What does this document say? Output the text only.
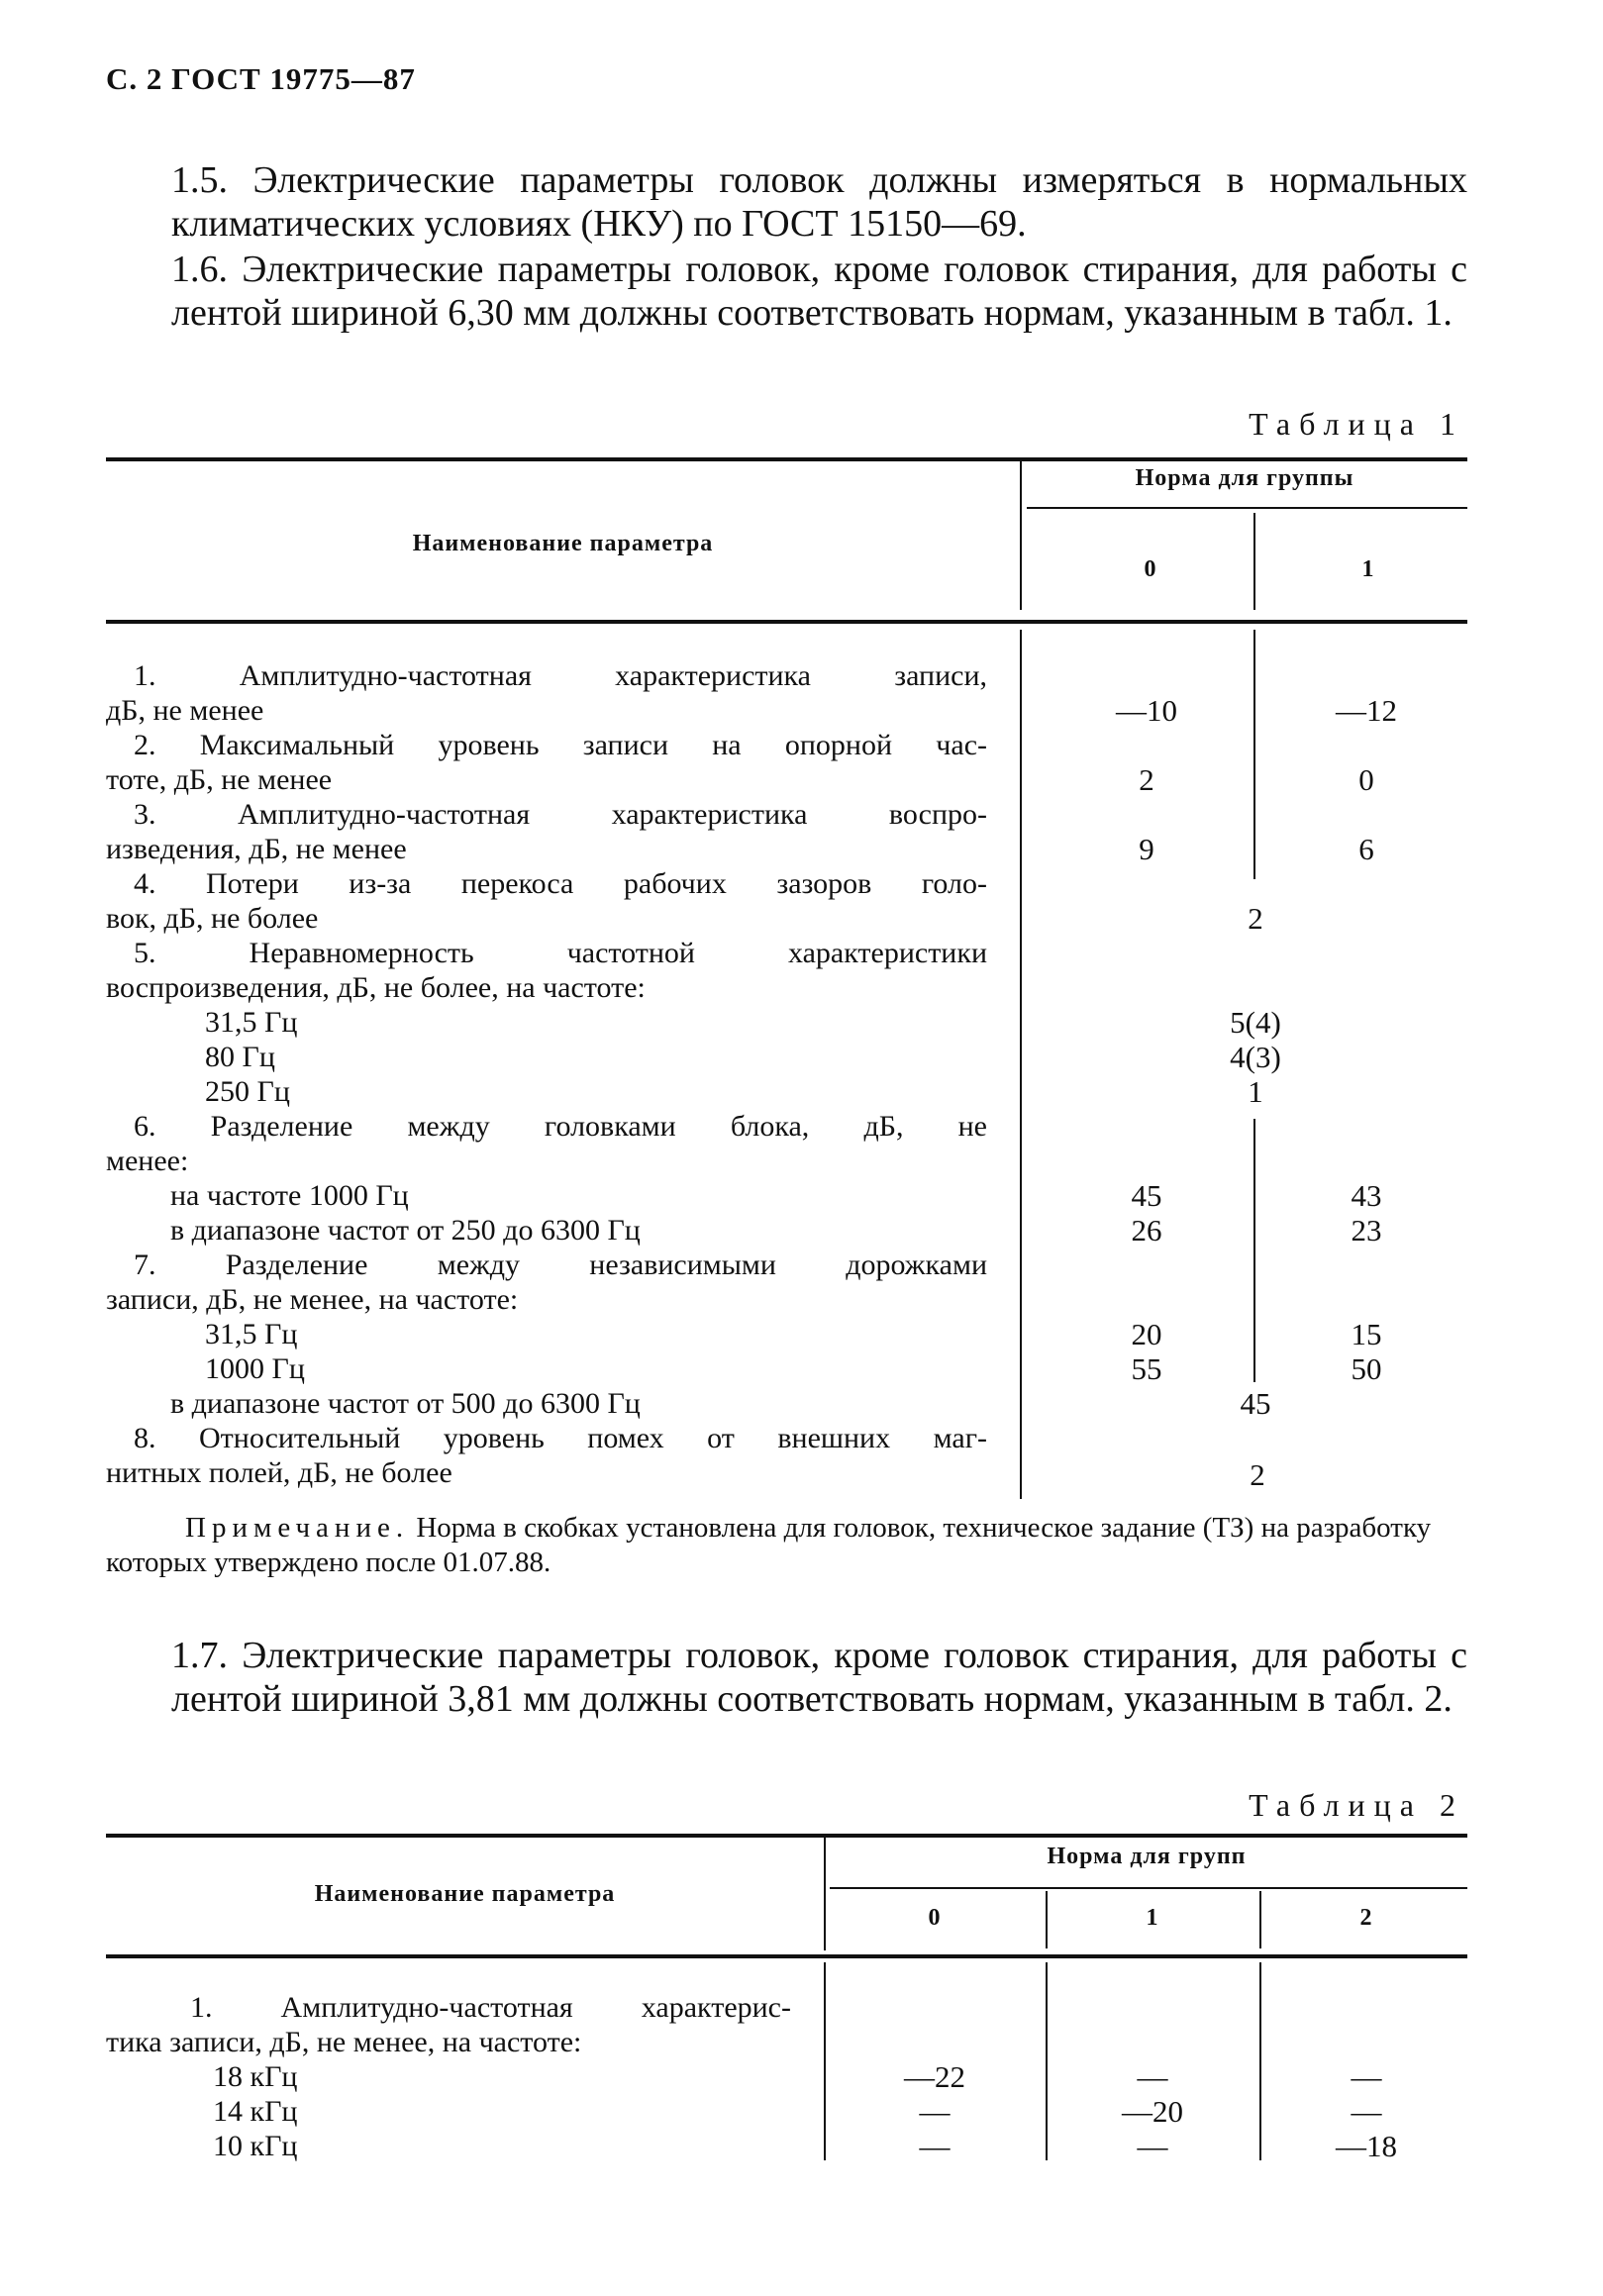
С. 2 ГОСТ 19775—87
1.5. Электрические параметры головок должны измеряться в нормальных климатических условиях (НКУ) по ГОСТ 15150—69.
1.6. Электрические параметры головок, кроме головок стирания, для работы с лентой шириной 6,30 мм должны соответствовать нормам, указанным в табл. 1.
Таблица 1
Наименование параметра
Норма для группы
0	1
1. Амплитудно-частотная характеристика записи,
дБ, не менее	—10	—12
2. Максимальный уровень записи на опорной час-
тоте, дБ, не менее	2	0
3. Амплитудно-частотная характеристика воспро-
изведения, дБ, не менее	9	6
4. Потери из-за перекоса рабочих зазоров голо-
вок, дБ, не более	2
5. Неравномерность частотной характеристики
воспроизведения, дБ, не более, на частоте:
31,5 Гц	5(4)
80 Гц	4(3)
250 Гц	1
6. Разделение между головками блока, дБ, не
менее:
на частоте 1000 Гц	45	43
в диапазоне частот от 250 до 6300 Гц	26	23
7. Разделение между независимыми дорожками
записи, дБ, не менее, на частоте:
31,5 Гц	20	15
1000 Гц	55	50
в диапазоне частот от 500 до 6300 Гц	45
8. Относительный уровень помех от внешних маг-
нитных полей, дБ, не более	2
Примечание. Норма в скобках установлена для головок, техническое задание (ТЗ) на разработку которых утверждено после 01.07.88.
1.7. Электрические параметры головок, кроме головок стирания, для работы с лентой шириной 3,81 мм должны соответствовать нормам, указанным в табл. 2.
Таблица 2
Наименование параметра
Норма для групп
0	1	2
1. Амплитудно-частотная характерис-
тика записи, дБ, не менее, на частоте:
18 кГц	—22	—	—
14 кГц	—	—20	—
10 кГц	—	—	—18
